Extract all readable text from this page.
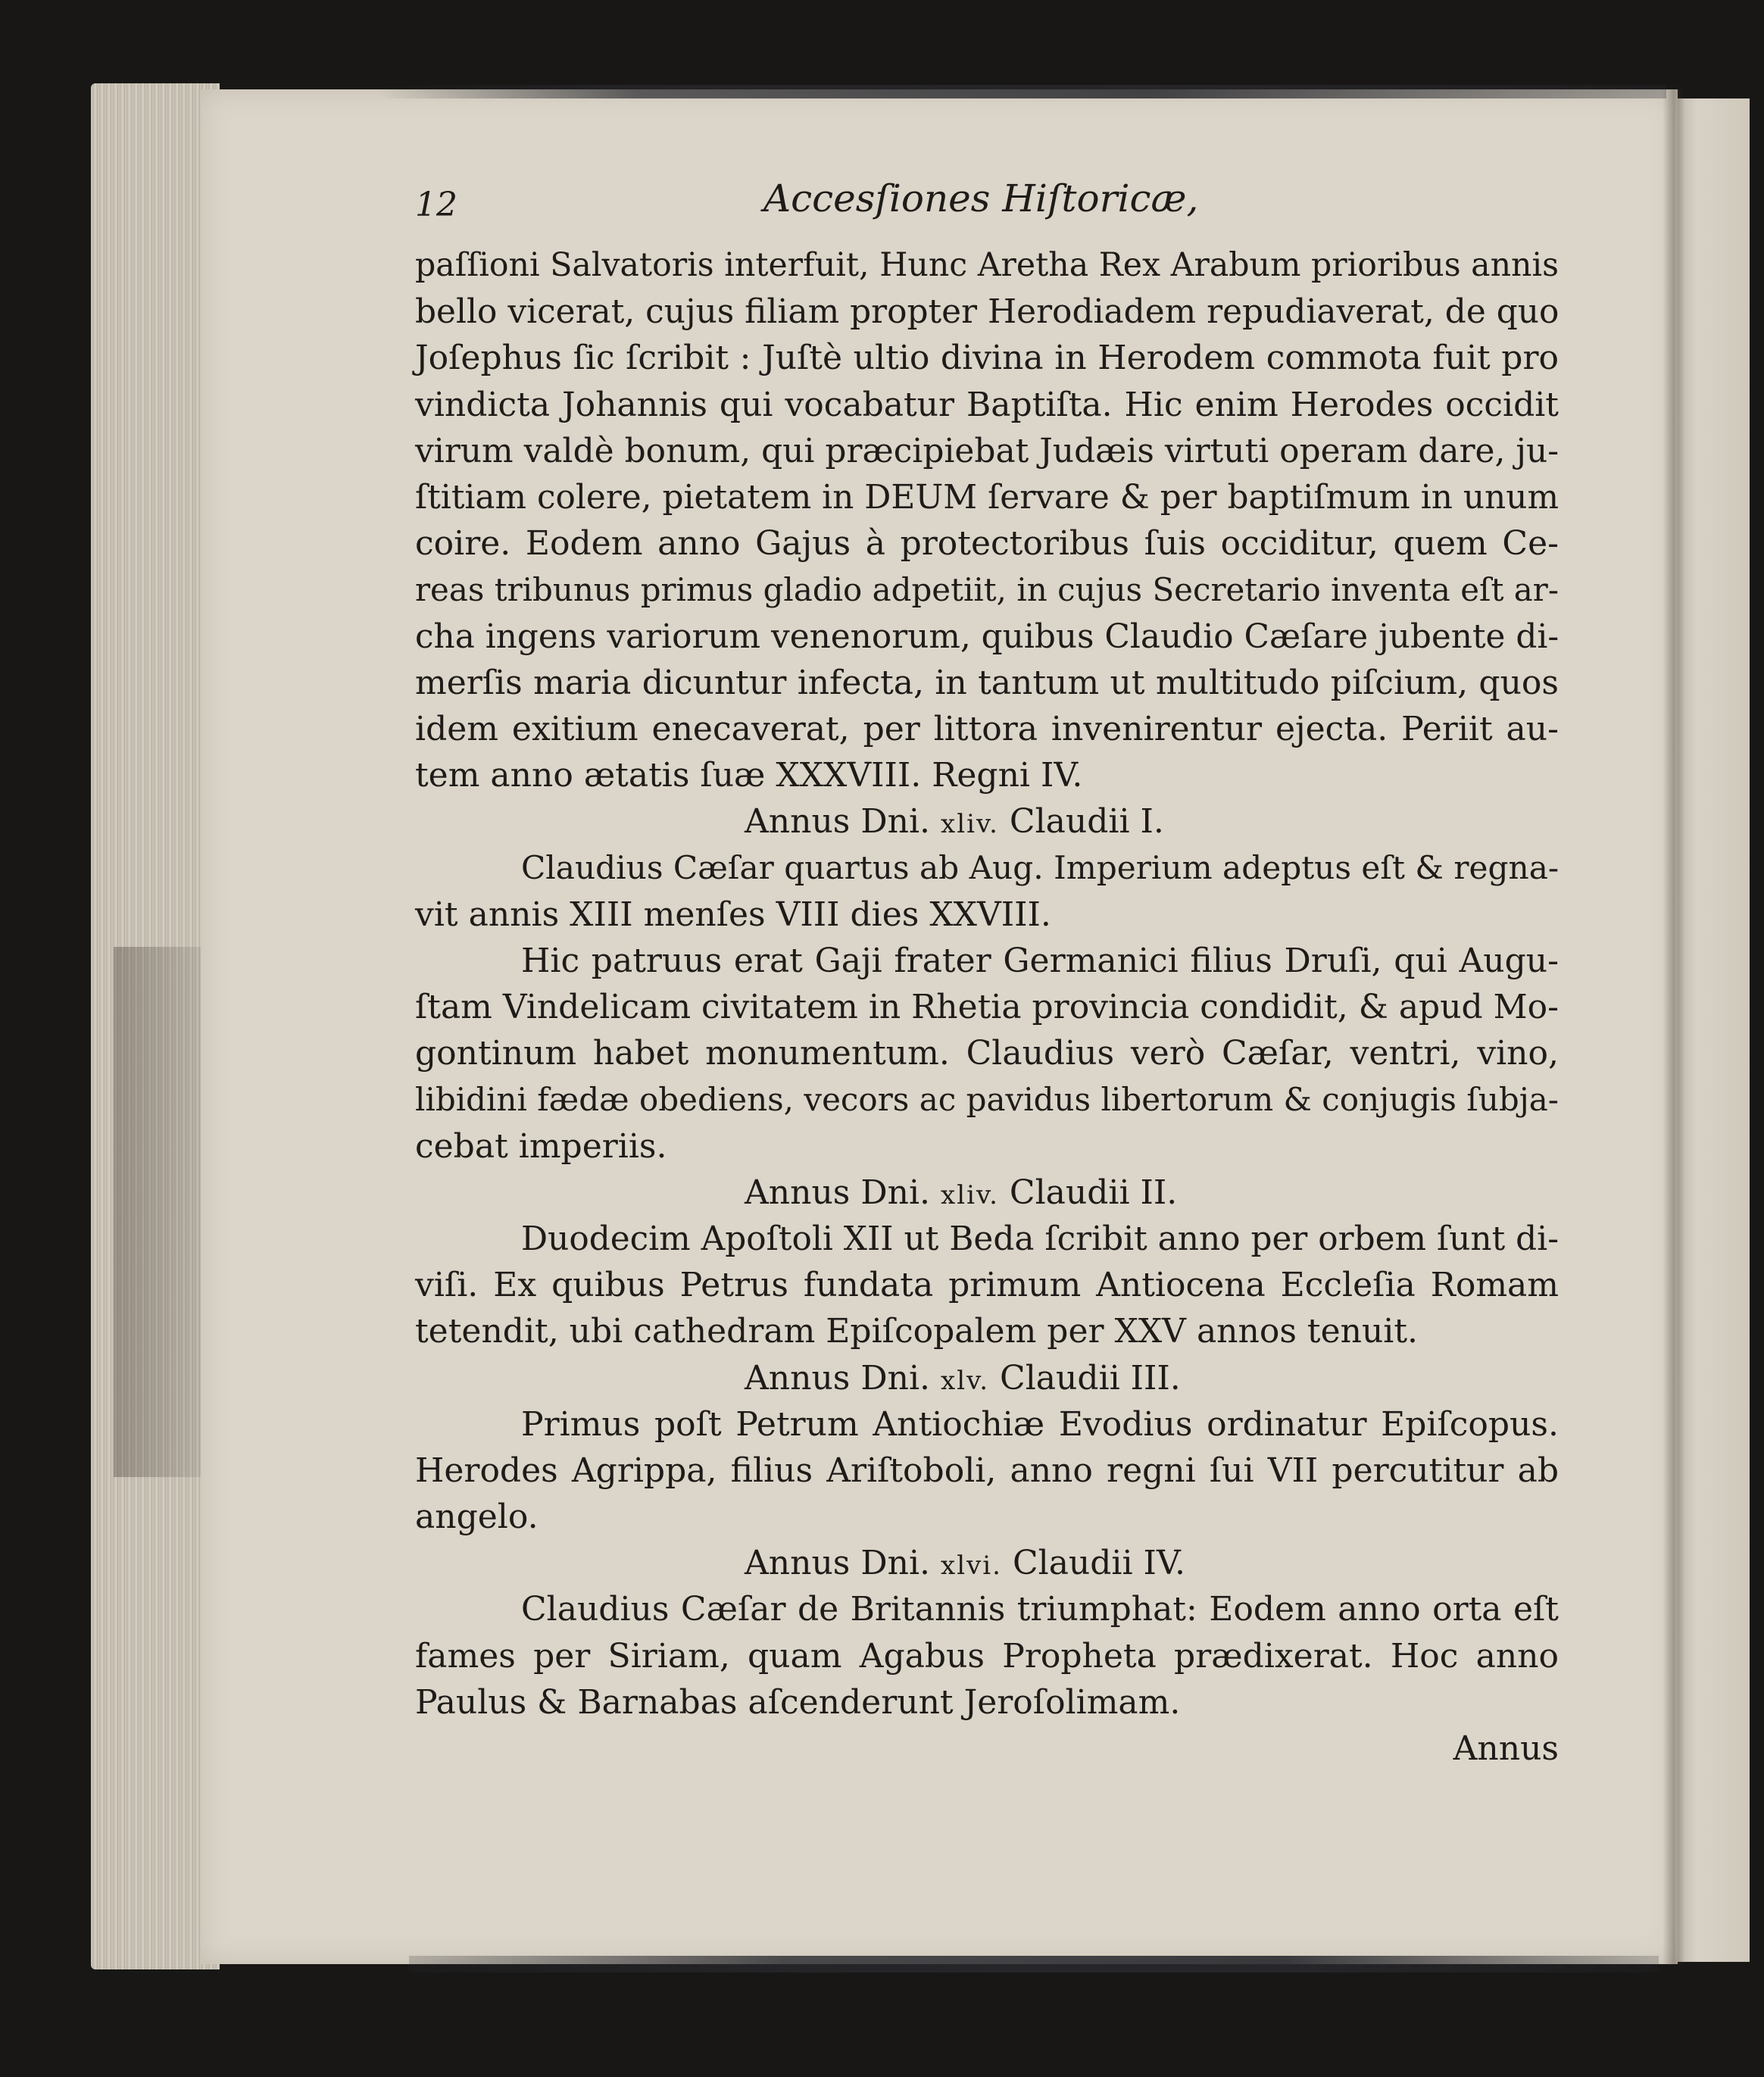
12	Accesſiones Hiſtoricæ,
paſſioni Salvatoris interfuit, Hunc Aretha Rex Arabum prioribus annis
bello vicerat, cujus filiam propter Herodiadem repudiaverat, de quo
Joſephus ſic ſcribit : Juſtè ultio divina in Herodem commota fuit pro
vindicta Johannis qui vocabatur Baptiſta. Hic enim Herodes occidit
virum valdè bonum, qui præcipiebat Judæis virtuti operam dare, ju-
ſtitiam colere, pietatem in DEUM ſervare & per baptiſmum in unum
coire. Eodem anno Gajus à protectoribus ſuis occiditur, quem Ce-
reas tribunus primus gladio adpetiit, in cujus Secretario inventa eſt ar-
cha ingens variorum venenorum, quibus Claudio Cæſare jubente di-
merſis maria dicuntur infecta, in tantum ut multitudo piſcium, quos
idem exitium enecaverat, per littora invenirentur ejecta. Periit au-
tem anno ætatis ſuæ XXXVIII. Regni IV.
Annus Dni. xliv. Claudii I.
Claudius Cæſar quartus ab Aug. Imperium adeptus eſt & regna-
vit annis XIII menſes VIII dies XXVIII.
Hic patruus erat Gaji frater Germanici filius Druſi, qui Augu-
ſtam Vindelicam civitatem in Rhetia provincia condidit, & apud Mo-
gontinum habet monumentum. Claudius verò Cæſar, ventri, vino,
libidini fædæ obediens, vecors ac pavidus libertorum & conjugis ſubja-
cebat imperiis.
Annus Dni. xliv. Claudii II.
Duodecim Apoſtoli XII ut Beda ſcribit anno per orbem ſunt di-
viſi. Ex quibus Petrus fundata primum Antiocena Eccleſia Romam
tetendit, ubi cathedram Epiſcopalem per XXV annos tenuit.
Annus Dni. xlv. Claudii III.
Primus poſt Petrum Antiochiæ Evodius ordinatur Epiſcopus.
Herodes Agrippa, filius Ariſtoboli, anno regni ſui VII percutitur ab
angelo.
Annus Dni. xlvi. Claudii IV.
Claudius Cæſar de Britannis triumphat: Eodem anno orta eſt
fames per Siriam, quam Agabus Propheta prædixerat. Hoc anno
Paulus & Barnabas aſcenderunt Jeroſolimam.
Annus
